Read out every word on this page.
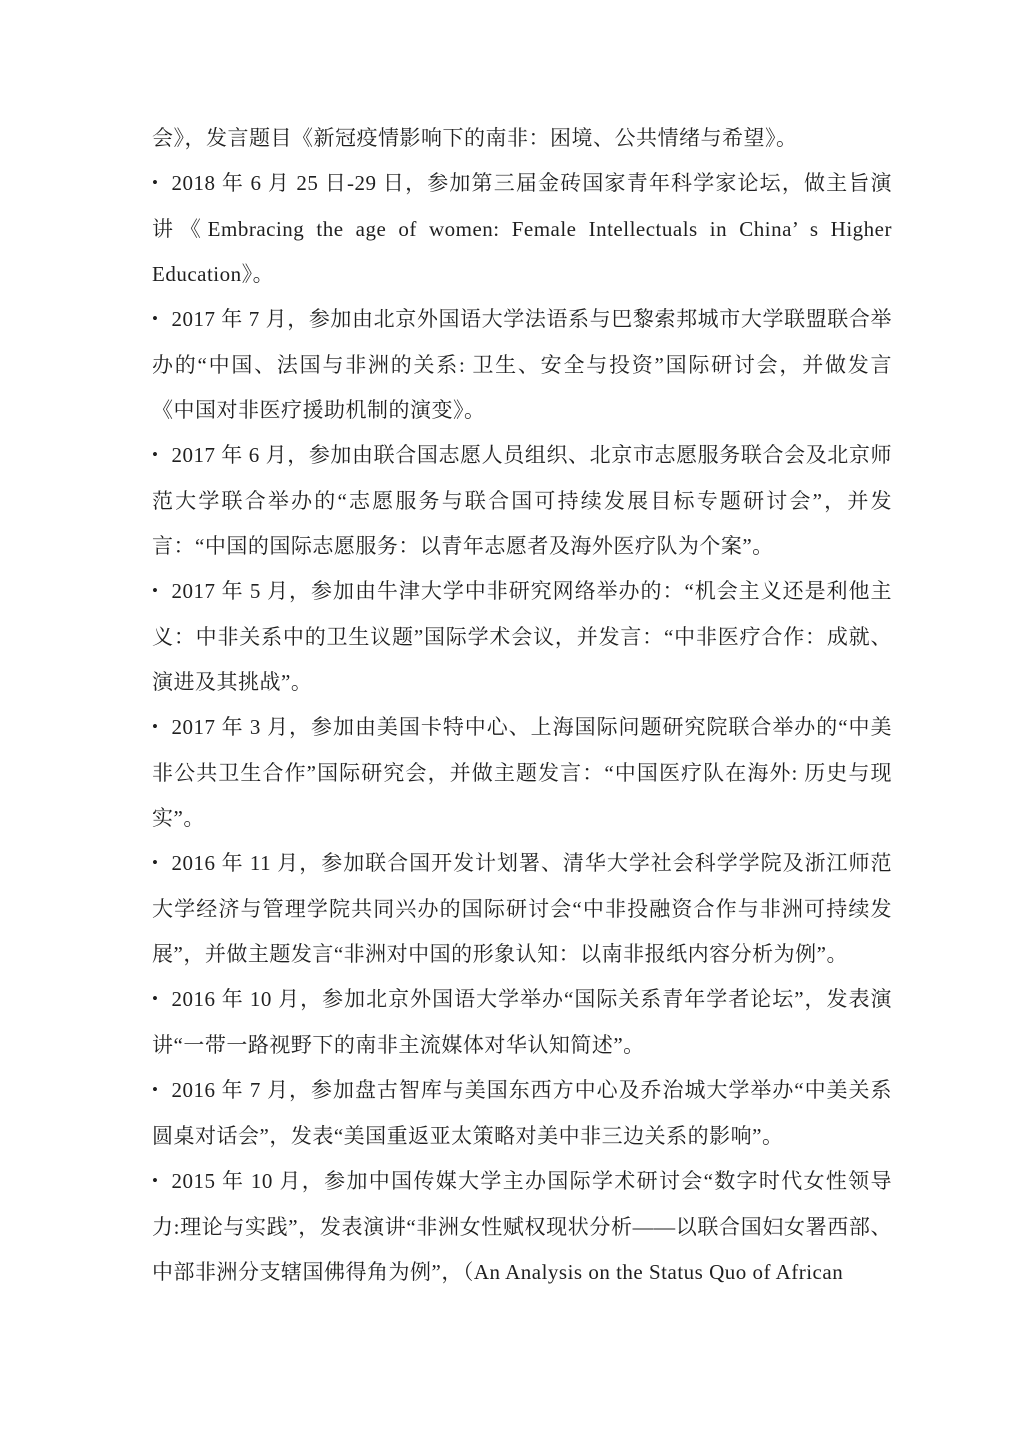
会》，发言题目《新冠疫情影响下的南非：困境、公共情绪与希望》。

• 2018 年 6 月 25 日-29 日，参加第三届金砖国家青年科学家论坛，做主旨演讲《Embracing the age of women: Female Intellectuals in China’ s Higher Education》。

• 2017 年 7 月，参加由北京外国语大学法语系与巴黎索邦城市大学联盟联合举办的“中国、法国与非洲的关系: 卫生、安全与投资”国际研讨会，并做发言《中国对非医疗援助机制的演变》。

• 2017 年 6 月，参加由联合国志愿人员组织、北京市志愿服务联合会及北京师范大学联合举办的“志愿服务与联合国可持续发展目标专题研讨会”，并发言：“中国的国际志愿服务：以青年志愿者及海外医疗队为个案”。

• 2017 年 5 月，参加由牛津大学中非研究网络举办的：“机会主义还是利他主义：中非关系中的卫生议题”国际学术会议，并发言：“中非医疗合作：成就、演进及其挑战”。

• 2017 年 3 月，参加由美国卡特中心、上海国际问题研究院联合举办的“中美非公共卫生合作”国际研究会，并做主题发言：“中国医疗队在海外: 历史与现实”。

• 2016 年 11 月，参加联合国开发计划署、清华大学社会科学学院及浙江师范大学经济与管理学院共同兴办的国际研讨会“中非投融资合作与非洲可持续发展”，并做主题发言“非洲对中国的形象认知：以南非报纸内容分析为例”。

• 2016 年 10 月，参加北京外国语大学举办“国际关系青年学者论坛”，发表演讲“一带一路视野下的南非主流媒体对华认知简述”。

• 2016 年 7 月，参加盘古智库与美国东西方中心及乔治城大学举办“中美关系圆桌对话会”，发表“美国重返亚太策略对美中非三边关系的影响”。

• 2015 年 10 月，参加中国传媒大学主办国际学术研讨会“数字时代女性领导力:理论与实践”，发表演讲“非洲女性赋权现状分析——以联合国妇女署西部、中部非洲分支辖国佛得角为例”，（An Analysis on the Status Quo of African
